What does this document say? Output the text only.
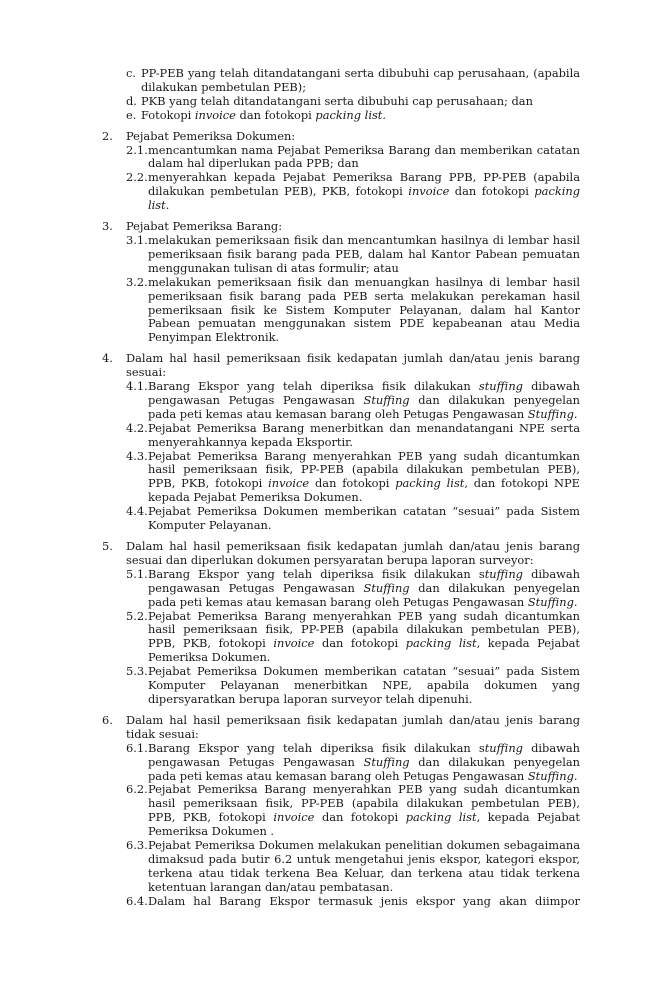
c. PP-PEB yang telah ditandatangani serta dibubuhi cap perusahaan, (apabila dilakukan pembetulan PEB);
d. PKB yang telah ditandatangani serta dibubuhi cap perusahaan; dan
e. Fotokopi invoice dan fotokopi packing list.
2. Pejabat Pemeriksa Dokumen:
2.1. mencantumkan nama Pejabat Pemeriksa Barang dan memberikan catatan dalam hal diperlukan pada PPB; dan
2.2. menyerahkan kepada Pejabat Pemeriksa Barang PPB, PP-PEB (apabila dilakukan pembetulan PEB), PKB, fotokopi invoice dan fotokopi packing list.
3. Pejabat Pemeriksa Barang:
3.1. melakukan pemeriksaan fisik dan mencantumkan hasilnya di lembar hasil pemeriksaan fisik barang pada PEB, dalam hal Kantor Pabean pemuatan menggunakan tulisan di atas formulir; atau
3.2. melakukan pemeriksaan fisik dan menuangkan hasilnya di lembar hasil pemeriksaan fisik barang pada PEB serta melakukan perekaman hasil pemeriksaan fisik ke Sistem Komputer Pelayanan, dalam hal Kantor Pabean pemuatan menggunakan sistem PDE kepabeanan atau Media Penyimpan Elektronik.
4. Dalam hal hasil pemeriksaan fisik kedapatan jumlah dan/atau jenis barang sesuai:
4.1. Barang Ekspor yang telah diperiksa fisik dilakukan stuffing dibawah pengawasan Petugas Pengawasan Stuffing dan dilakukan penyegelan pada peti kemas atau kemasan barang oleh Petugas Pengawasan Stuffing.
4.2. Pejabat Pemeriksa Barang menerbitkan dan menandatangani NPE serta menyerahkannya kepada Eksportir.
4.3. Pejabat Pemeriksa Barang menyerahkan PEB yang sudah dicantumkan hasil pemeriksaan fisik, PP-PEB (apabila dilakukan pembetulan PEB), PPB, PKB, fotokopi invoice dan fotokopi packing list, dan fotokopi NPE kepada Pejabat Pemeriksa Dokumen.
4.4. Pejabat Pemeriksa Dokumen memberikan catatan “sesuai” pada Sistem Komputer Pelayanan.
5. Dalam hal hasil pemeriksaan fisik kedapatan jumlah dan/atau jenis barang sesuai dan diperlukan dokumen persyaratan berupa laporan surveyor:
5.1. Barang Ekspor yang telah diperiksa fisik dilakukan stuffing dibawah pengawasan Petugas Pengawasan Stuffing dan dilakukan penyegelan pada peti kemas atau kemasan barang oleh Petugas Pengawasan Stuffing.
5.2. Pejabat Pemeriksa Barang menyerahkan PEB yang sudah dicantumkan hasil pemeriksaan fisik, PP-PEB (apabila dilakukan pembetulan PEB), PPB, PKB, fotokopi invoice dan fotokopi packing list, kepada Pejabat Pemeriksa Dokumen.
5.3. Pejabat Pemeriksa Dokumen memberikan catatan “sesuai” pada Sistem Komputer Pelayanan menerbitkan NPE, apabila dokumen yang dipersyaratkan berupa laporan surveyor telah dipenuhi.
6. Dalam hal hasil pemeriksaan fisik kedapatan jumlah dan/atau jenis barang tidak sesuai:
6.1. Barang Ekspor yang telah diperiksa fisik dilakukan stuffing dibawah pengawasan Petugas Pengawasan Stuffing dan dilakukan penyegelan pada peti kemas atau kemasan barang oleh Petugas Pengawasan Stuffing.
6.2. Pejabat Pemeriksa Barang menyerahkan PEB yang sudah dicantumkan hasil pemeriksaan fisik, PP-PEB (apabila dilakukan pembetulan PEB), PPB, PKB, fotokopi invoice dan fotokopi packing list, kepada Pejabat Pemeriksa Dokumen .
6.3. Pejabat Pemeriksa Dokumen melakukan penelitian dokumen sebagaimana dimaksud pada butir 6.2 untuk mengetahui jenis ekspor, kategori ekspor, terkena atau tidak terkena Bea Keluar, dan terkena atau tidak terkena ketentuan larangan dan/atau pembatasan.
6.4. Dalam hal Barang Ekspor termasuk jenis ekspor yang akan diimpor
